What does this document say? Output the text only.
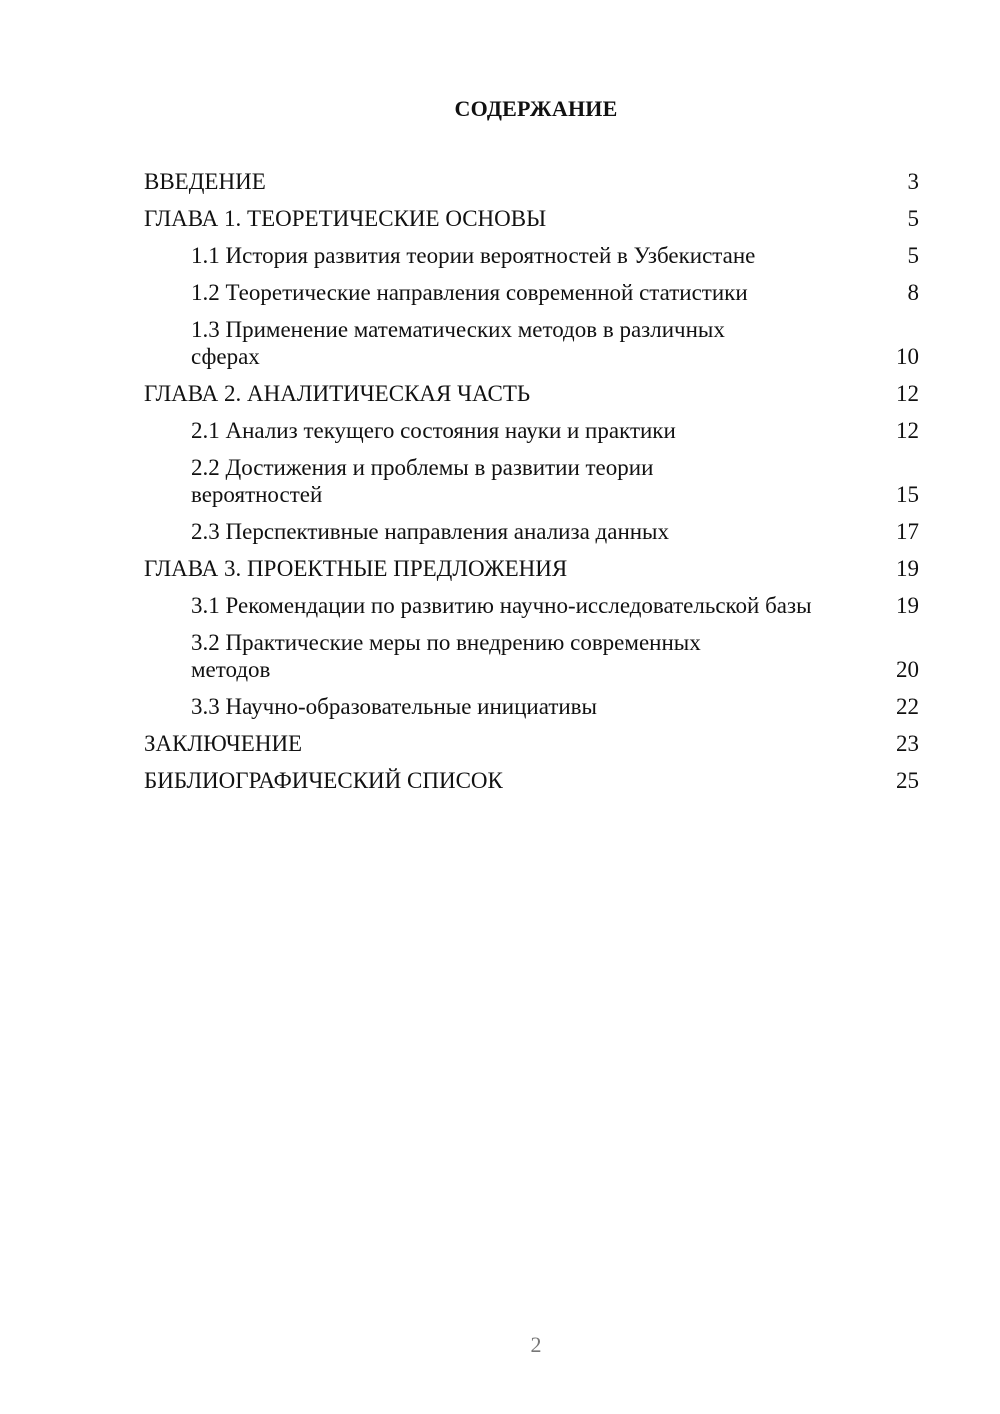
СОДЕРЖАНИЕ
ВВЕДЕНИЕ	3
ГЛАВА 1. ТЕОРЕТИЧЕСКИЕ ОСНОВЫ	5
1.1 История развития теории вероятностей в Узбекистане	5
1.2 Теоретические направления современной статистики	8
1.3 Применение математических методов в различных сферах	10
ГЛАВА 2. АНАЛИТИЧЕСКАЯ ЧАСТЬ	12
2.1 Анализ текущего состояния науки и практики	12
2.2 Достижения и проблемы в развитии теории вероятностей	15
2.3 Перспективные направления анализа данных	17
ГЛАВА 3. ПРОЕКТНЫЕ ПРЕДЛОЖЕНИЯ	19
3.1 Рекомендации по развитию научно-исследовательской базы	19
3.2 Практические меры по внедрению современных методов	20
3.3 Научно-образовательные инициативы	22
ЗАКЛЮЧЕНИЕ	23
БИБЛИОГРАФИЧЕСКИЙ СПИСОК	25
2
